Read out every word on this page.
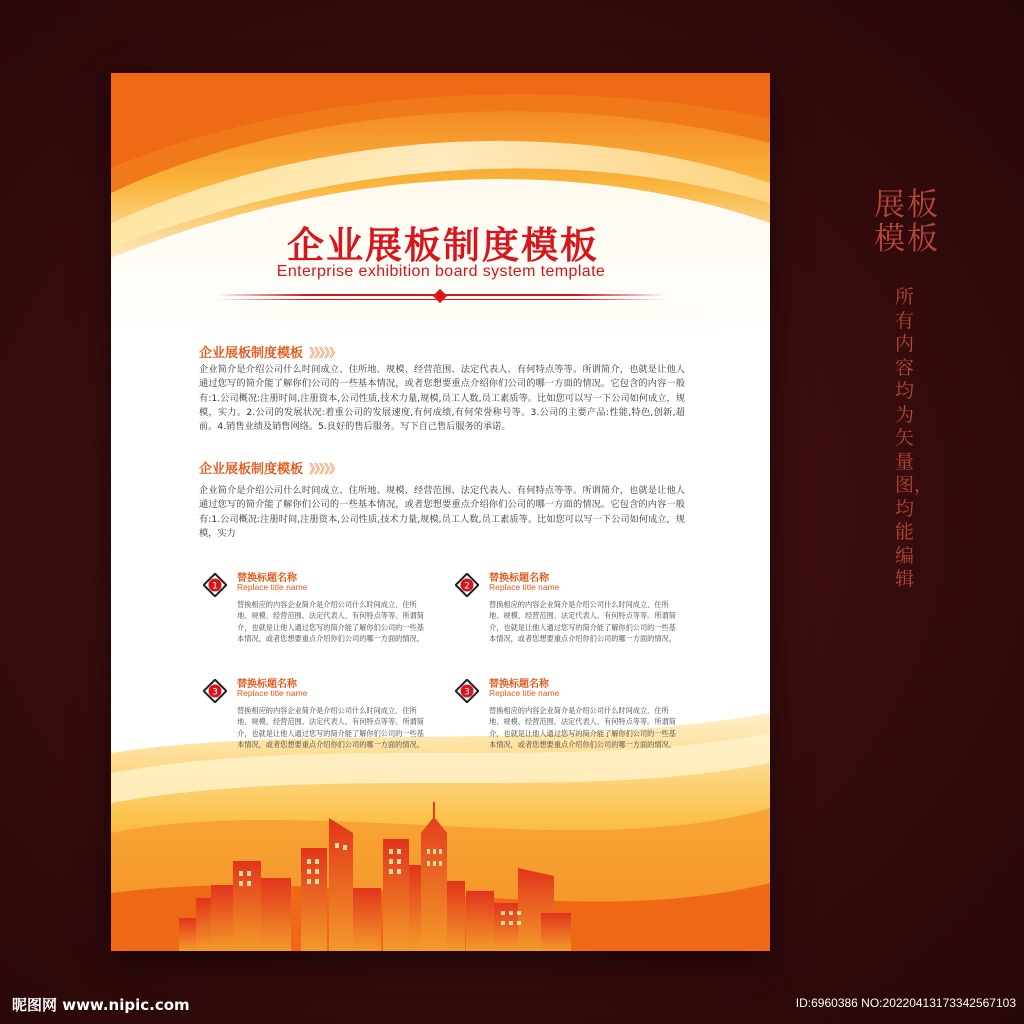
企业展板制度模板
Enterprise exhibition board system template
企业展板制度模板 》》》》》
企业简介是介绍公司什么时间成立、住所地、规模、经营范围、法定代表人、有何特点等等。所谓简介，也就是让他人通过您写的简介能了解你们公司的一些基本情况，或者您想要重点介绍你们公司的哪一方面的情况。它包含的内容一般有:1.公司概况:注册时间,注册资本,公司性质,技术力量,规模,员工人数,员工素质等。比如您可以写一下公司如何成立，规模，实力。2.公司的发展状况:着重公司的发展速度,有何成绩,有何荣誉称号等。3.公司的主要产品:性能,特色,创新,超前。4.销售业绩及销售网络。5.良好的售后服务。写下自己售后服务的承诺。
企业展板制度模板 》》》》》
企业简介是介绍公司什么时间成立、住所地、规模、经营范围、法定代表人、有何特点等等。所谓简介，也就是让他人通过您写的简介能了解你们公司的一些基本情况，或者您想要重点介绍你们公司的哪一方面的情况。它包含的内容一般有:1.公司概况:注册时间,注册资本,公司性质,技术力量,规模,员工人数,员工素质等。比如您可以写一下公司如何成立，规模，实力
1
替换标题名称
Replace title name
替换相应的内容企业简介是介绍公司什么时间成立、住所地、规模、经营范围、法定代表人、有何特点等等。所谓简介，也就是让他人通过您写的简介能了解你们公司的一些基本情况，或者您想要重点介绍你们公司的哪一方面的情况。
2
替换标题名称
Replace title name
替换相应的内容企业简介是介绍公司什么时间成立、住所地、规模、经营范围、法定代表人、有何特点等等。所谓简介，也就是让他人通过您写的简介能了解你们公司的一些基本情况，或者您想要重点介绍你们公司的哪一方面的情况。
3
替换标题名称
Replace title name
替换相应的内容企业简介是介绍公司什么时间成立、住所地、规模、经营范围、法定代表人、有何特点等等。所谓简介，也就是让他人通过您写的简介能了解你们公司的一些基本情况，或者您想要重点介绍你们公司的哪一方面的情况。
3
替换标题名称
Replace title name
替换相应的内容企业简介是介绍公司什么时间成立、住所地、规模、经营范围、法定代表人、有何特点等等。所谓简介，也就是让他人通过您写的简介能了解你们公司的一些基本情况，或者您想要重点介绍你们公司的哪一方面的情况。
展板模板
所有内容均为矢量图，均能编辑
昵图网 www.nipic.com	ID:6960386 NO:20220413173342567103
